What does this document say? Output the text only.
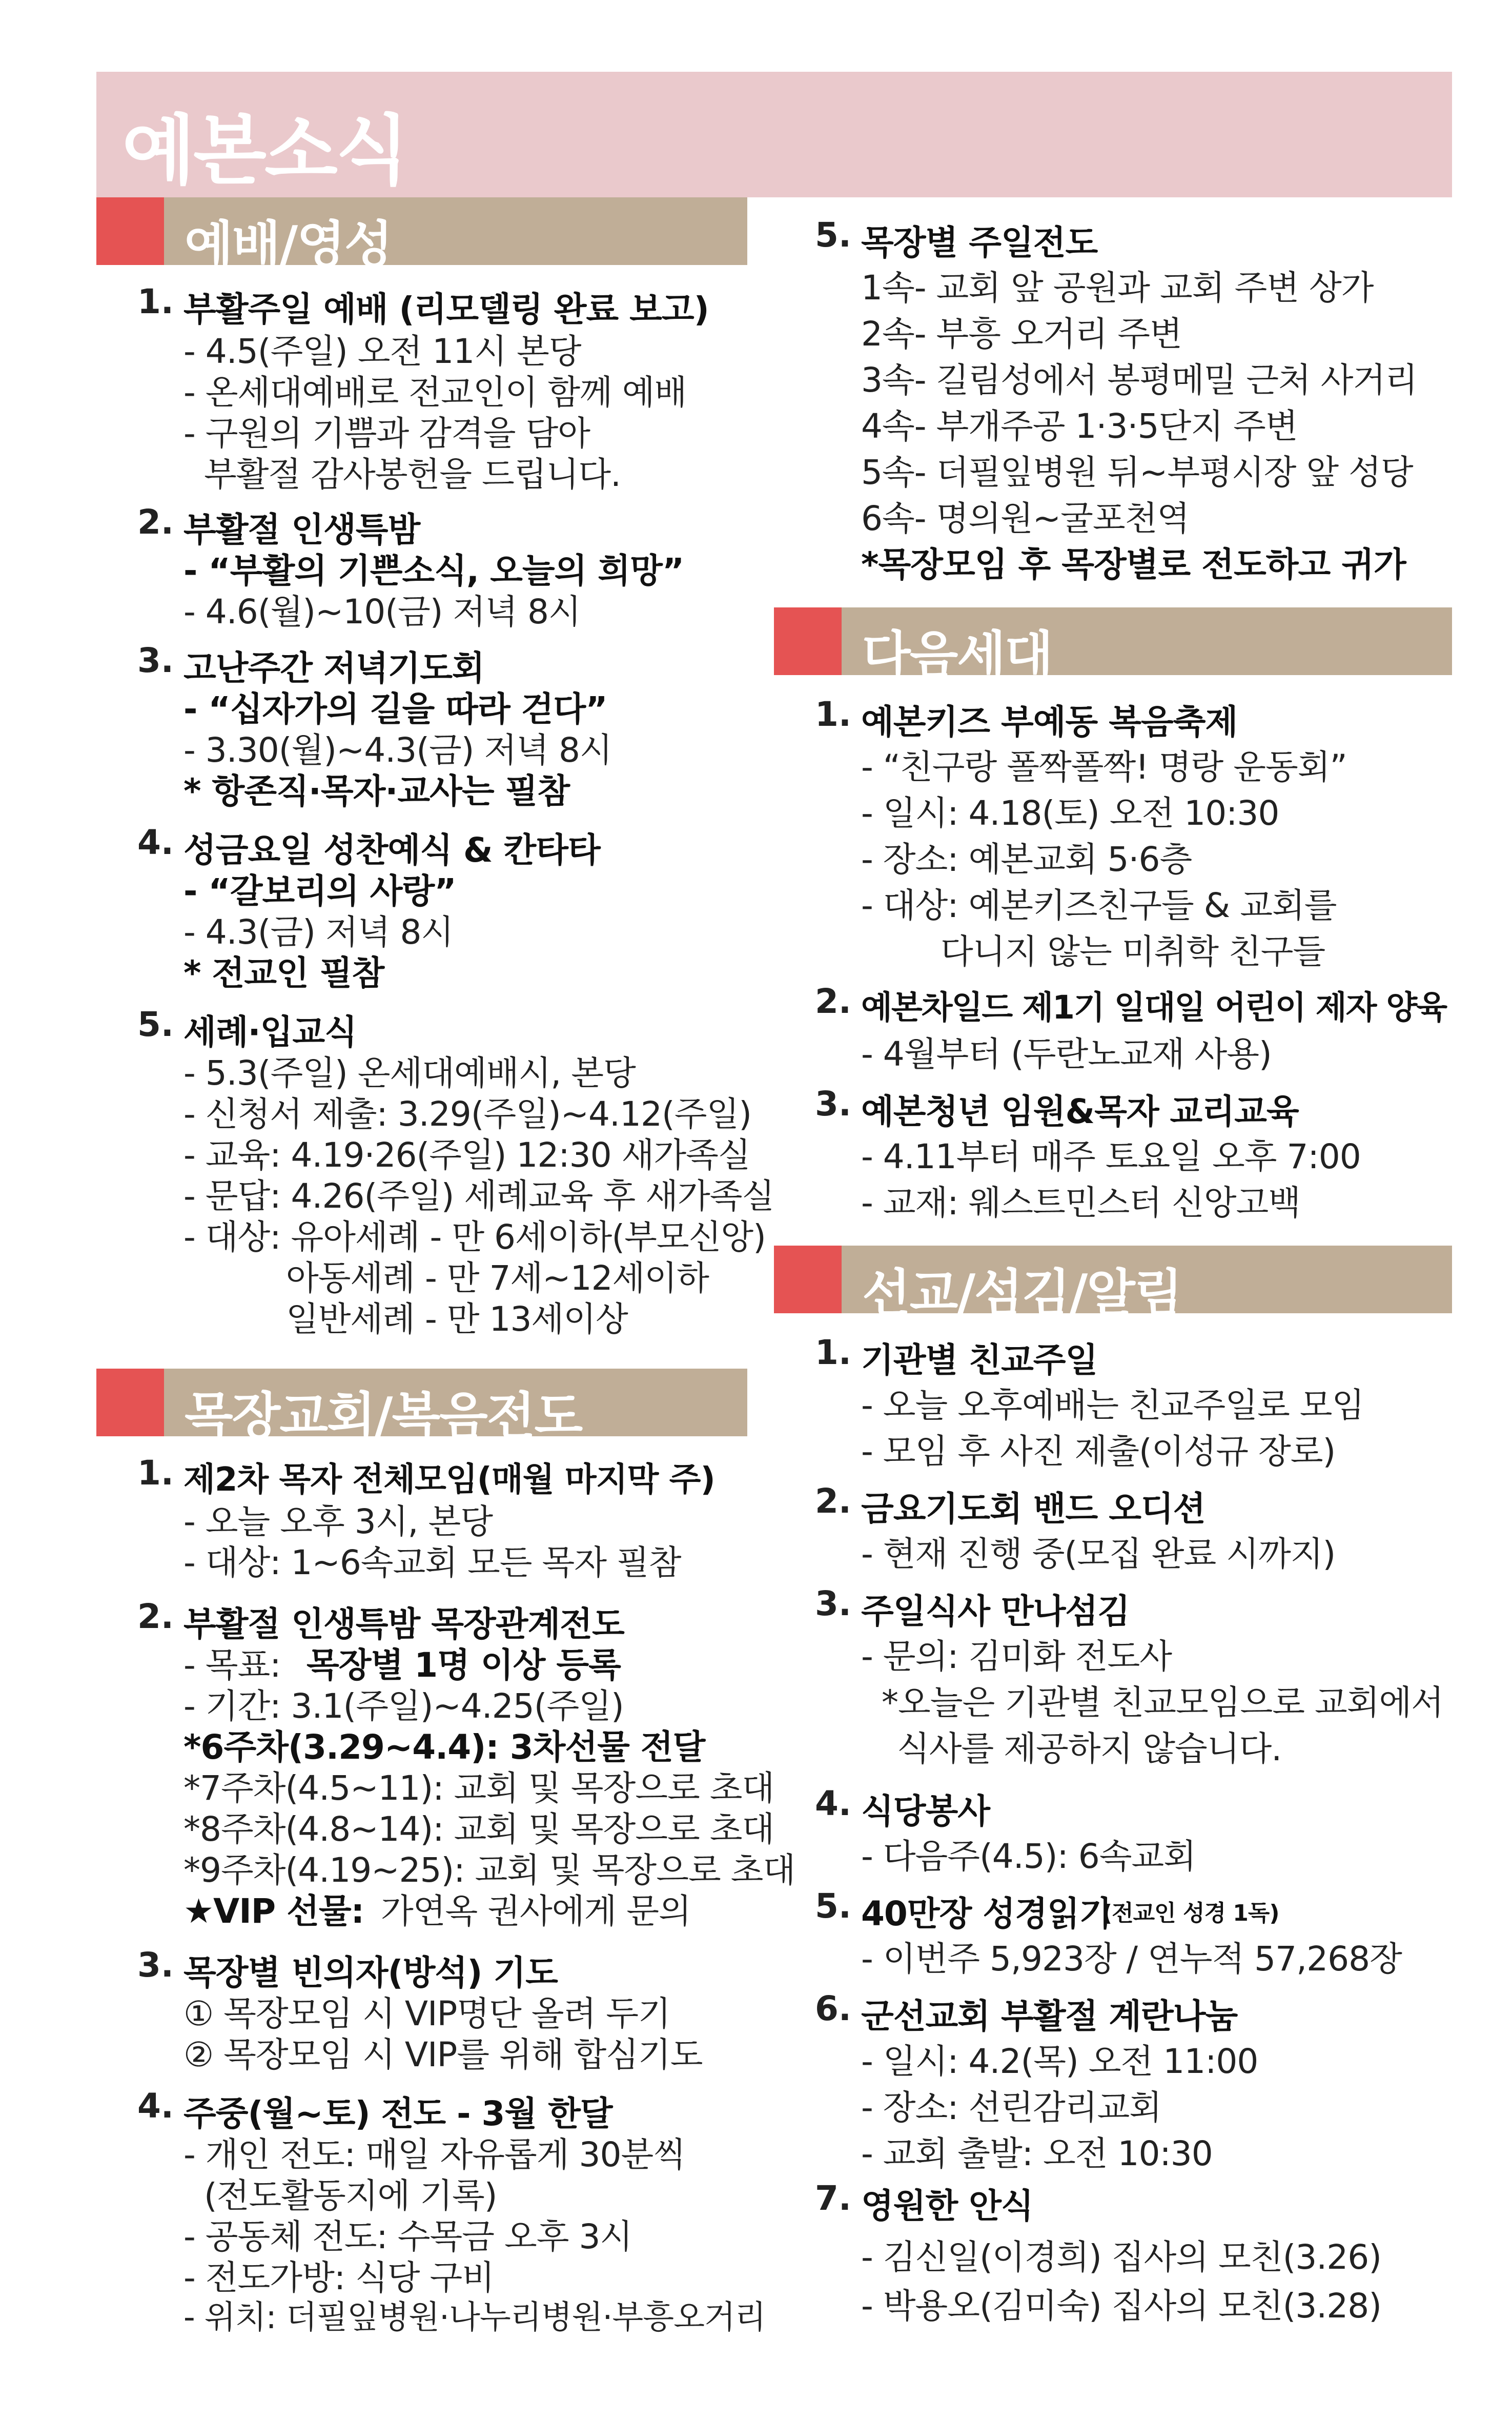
예본소식
예배/영성
1. 부활주일 예배 (리모델링 완료 보고)
- 4.5(주일) 오전 11시 본당
- 온세대예배로 전교인이 함께 예배
- 구원의 기쁨과 감격을 담아
부활절 감사봉헌을 드립니다.
2. 부활절 인생특밤
- “부활의 기쁜소식, 오늘의 희망”
- 4.6(월)~10(금) 저녁 8시
3. 고난주간 저녁기도회
- “십자가의 길을 따라 걷다”
- 3.30(월)~4.3(금) 저녁 8시
* 항존직·목자·교사는 필참
4. 성금요일 성찬예식 & 칸타타
- “갈보리의 사랑”
- 4.3(금) 저녁 8시
* 전교인 필참
5. 세례·입교식
- 5.3(주일) 온세대예배시, 본당
- 신청서 제출: 3.29(주일)~4.12(주일)
- 교육: 4.19·26(주일) 12:30 새가족실
- 문답: 4.26(주일) 세례교육 후 새가족실
- 대상: 유아세례 - 만 6세이하(부모신앙)
아동세례 - 만 7세~12세이하
일반세례 - 만 13세이상
목장교회/복음전도
1. 제2차 목자 전체모임(매월 마지막 주)
- 오늘 오후 3시, 본당
- 대상: 1~6속교회 모든 목자 필참
2. 부활절 인생특밤 목장관계전도
- 목표: 목장별 1명 이상 등록
- 기간: 3.1(주일)~4.25(주일)
*6주차(3.29~4.4): 3차선물 전달
*7주차(4.5~11): 교회 및 목장으로 초대
*8주차(4.8~14): 교회 및 목장으로 초대
*9주차(4.19~25): 교회 및 목장으로 초대
★VIP 선물: 가연옥 권사에게 문의
3. 목장별 빈의자(방석) 기도
① 목장모임 시 VIP명단 올려 두기
② 목장모임 시 VIP를 위해 합심기도
4. 주중(월~토) 전도 - 3월 한달
- 개인 전도: 매일 자유롭게 30분씩
(전도활동지에 기록)
- 공동체 전도: 수목금 오후 3시
- 전도가방: 식당 구비
- 위치: 더필잎병원·나누리병원·부흥오거리
5. 목장별 주일전도
1속- 교회 앞 공원과 교회 주변 상가
2속- 부흥 오거리 주변
3속- 길림성에서 봉평메밀 근처 사거리
4속- 부개주공 1·3·5단지 주변
5속- 더필잎병원 뒤~부평시장 앞 성당
6속- 명의원~굴포천역
*목장모임 후 목장별로 전도하고 귀가
다음세대
1. 예본키즈 부예동 복음축제
- “친구랑 폴짝폴짝! 명랑 운동회”
- 일시: 4.18(토) 오전 10:30
- 장소: 예본교회 5·6층
- 대상: 예본키즈친구들 & 교회를
다니지 않는 미취학 친구들
2. 예본차일드 제1기 일대일 어린이 제자 양육
- 4월부터 (두란노교재 사용)
3. 예본청년 임원&목자 교리교육
- 4.11부터 매주 토요일 오후 7:00
- 교재: 웨스트민스터 신앙고백
선교/섬김/알림
1. 기관별 친교주일
- 오늘 오후예배는 친교주일로 모임
- 모임 후 사진 제출(이성규 장로)
2. 금요기도회 밴드 오디션
- 현재 진행 중(모집 완료 시까지)
3. 주일식사 만나섬김
- 문의: 김미화 전도사
*오늘은 기관별 친교모임으로 교회에서
식사를 제공하지 않습니다.
4. 식당봉사
- 다음주(4.5): 6속교회
5. 40만장 성경읽기
(전교인 성경 1독)
- 이번주 5,923장 / 연누적 57,268장
6. 군선교회 부활절 계란나눔
- 일시: 4.2(목) 오전 11:00
- 장소: 선린감리교회
- 교회 출발: 오전 10:30
7. 영원한 안식
- 김신일(이경희) 집사의 모친(3.26)
- 박용오(김미숙) 집사의 모친(3.28)
